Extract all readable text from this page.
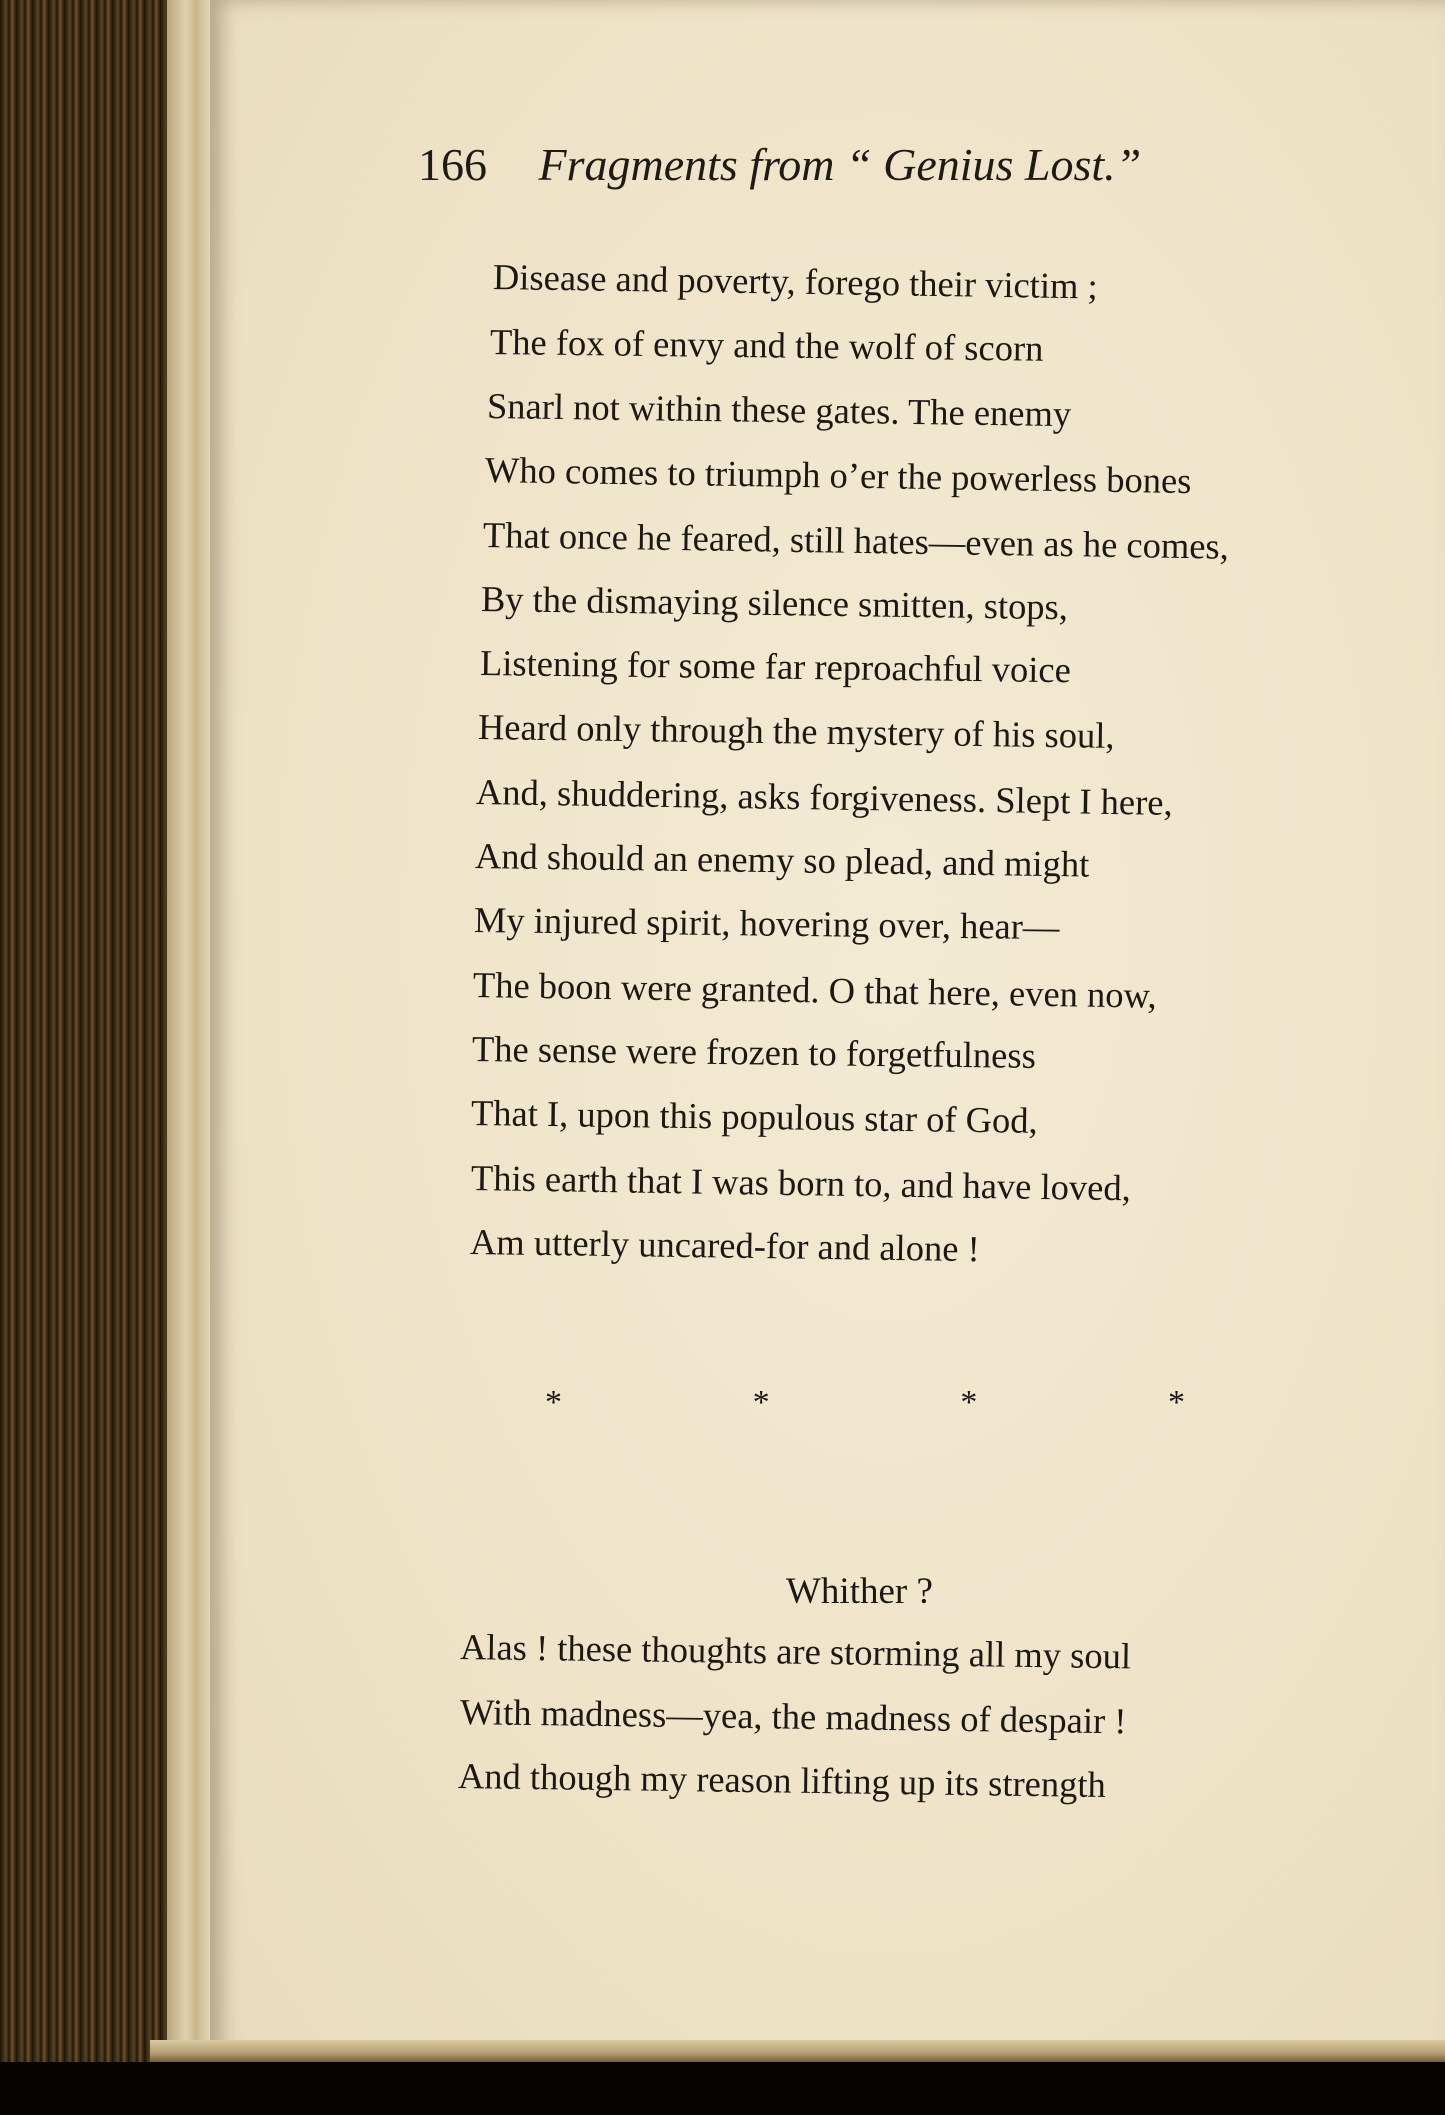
166 Fragments from “ Genius Lost.”
Disease and poverty, forego their victim ;
The fox of envy and the wolf of scorn
Snarl not within these gates. The enemy
Who comes to triumph o’er the powerless bones
That once he feared, still hates—even as he comes,
By the dismaying silence smitten, stops,
Listening for some far reproachful voice
Heard only through the mystery of his soul,
And, shuddering, asks forgiveness. Slept I here,
And should an enemy so plead, and might
My injured spirit, hovering over, hear—
The boon were granted. O that here, even now,
The sense were frozen to forgetfulness
That I, upon this populous star of God,
This earth that I was born to, and have loved,
Am utterly uncared-for and alone !
*	*	*	*
Whither ?
Alas ! these thoughts are storming all my soul
With madness—yea, the madness of despair !
And though my reason lifting up its strength
